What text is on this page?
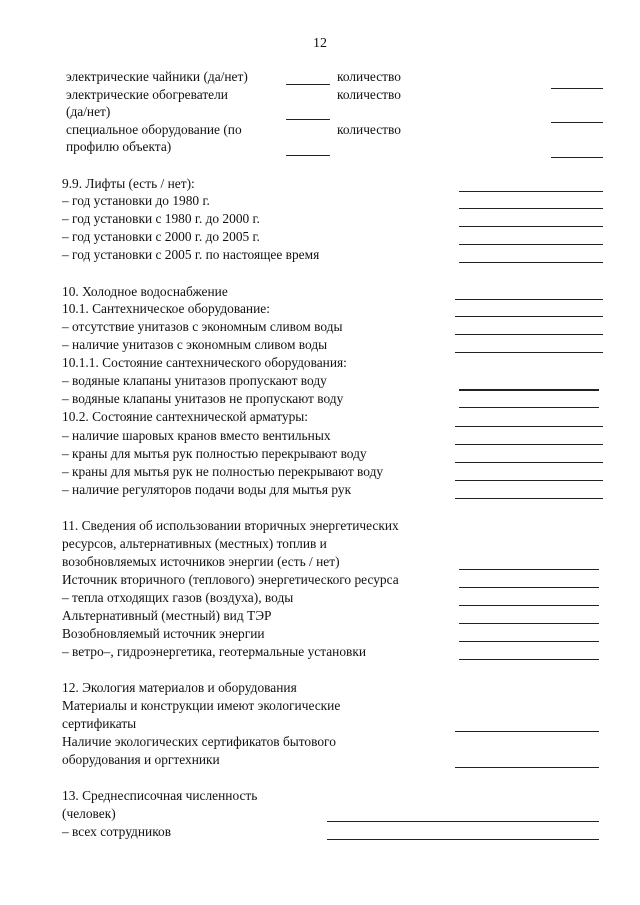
12
электрические чайники (да/нет)	количество
электрические обогреватели	количество
(да/нет)
специальное оборудование (по	количество
профилю объекта)
9.9. Лифты (есть / нет):
– год установки до 1980 г.
– год установки с 1980 г. до 2000 г.
– год установки с 2000 г. до 2005 г.
– год установки с 2005 г. по настоящее время
10. Холодное водоснабжение
10.1. Сантехническое оборудование:
– отсутствие унитазов с экономным сливом воды
– наличие унитазов с экономным сливом воды
10.1.1. Состояние сантехнического оборудования:
– водяные клапаны унитазов пропускают воду
– водяные клапаны унитазов не пропускают воду
10.2. Состояние сантехнической арматуры:
– наличие шаровых кранов вместо вентильных
– краны для мытья рук полностью перекрывают воду
– краны для мытья рук не полностью перекрывают воду
– наличие регуляторов подачи воды для мытья рук
11. Сведения об использовании вторичных энергетических
ресурсов, альтернативных (местных) топлив и
возобновляемых источников энергии (есть / нет)
Источник вторичного (теплового) энергетического ресурса
– тепла отходящих газов (воздуха), воды
Альтернативный (местный) вид ТЭР
Возобновляемый источник энергии
– ветро–, гидроэнергетика, геотермальные установки
12. Экология материалов и оборудования
Материалы и конструкции имеют экологические
сертификаты
Наличие экологических сертификатов бытового
оборудования и оргтехники
13. Среднесписочная численность
(человек)
– всех сотрудников
